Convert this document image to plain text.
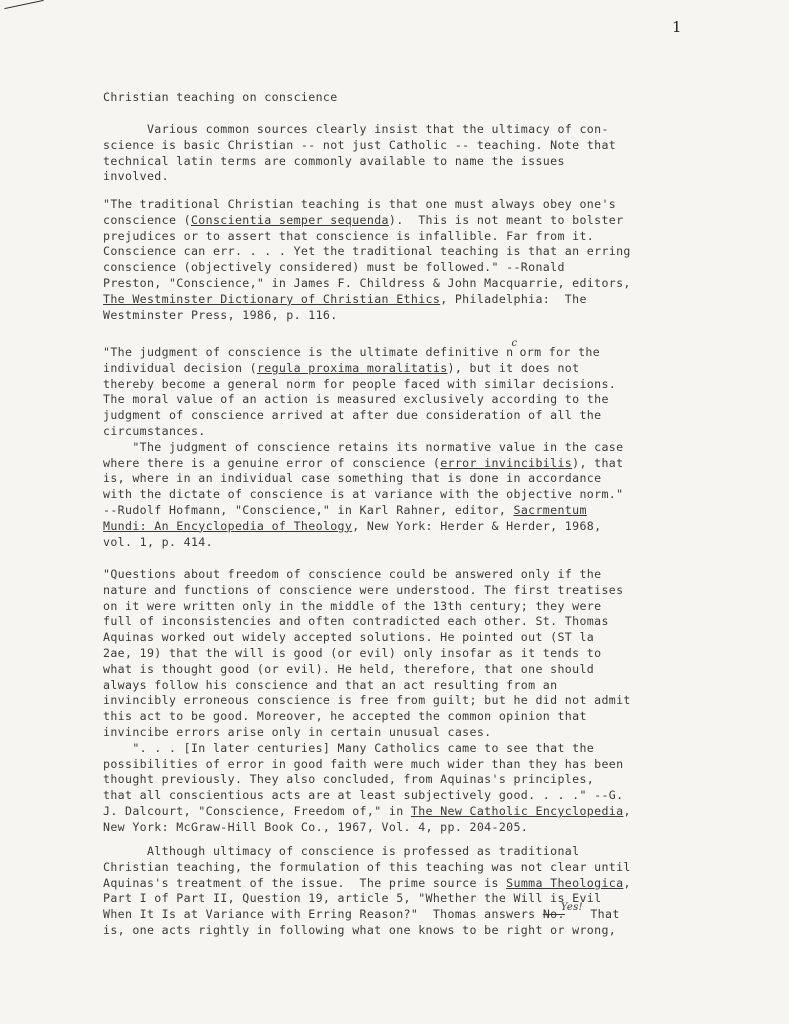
1
Christian teaching on conscience
Various common sources clearly insist that the ultimacy of con-
science is basic Christian -- not just Catholic -- teaching. Note that
technical latin terms are commonly available to name the issues
involved.
"The traditional Christian teaching is that one must always obey one's
conscience (Conscientia semper sequenda).  This is not meant to bolster
prejudices or to assert that conscience is infallible. Far from it.
Conscience can err. . . . Yet the traditional teaching is that an erring
conscience (objectively considered) must be followed." --Ronald
Preston, "Conscience," in James F. Childress & John Macquarrie, editors,
The Westminster Dictionary of Christian Ethics, Philadelphia:  The
Westminster Press, 1986, p. 116.
"The judgment of conscience is the ultimate definitive ncorm for the
individual decision (regula proxima moralitatis), but it does not
thereby become a general norm for people faced with similar decisions.
The moral value of an action is measured exclusively according to the
judgment of conscience arrived at after due consideration of all the
circumstances.
"The judgment of conscience retains its normative value in the case
where there is a genuine error of conscience (error invincibilis), that
is, where in an individual case something that is done in accordance
with the dictate of conscience is at variance with the objective norm."
--Rudolf Hofmann, "Conscience," in Karl Rahner, editor, Sacrmentum
Mundi: An Encyclopedia of Theology, New York: Herder & Herder, 1968,
vol. 1, p. 414.
"Questions about freedom of conscience could be answered only if the
nature and functions of conscience were understood. The first treatises
on it were written only in the middle of the 13th century; they were
full of inconsistencies and often contradicted each other. St. Thomas
Aquinas worked out widely accepted solutions. He pointed out (ST la
2ae, 19) that the will is good (or evil) only insofar as it tends to
what is thought good (or evil). He held, therefore, that one should
always follow his conscience and that an act resulting from an
invincibly erroneous conscience is free from guilt; but he did not admit
this act to be good. Moreover, he accepted the common opinion that
invincibe errors arise only in certain unusual cases.
". . . [In later centuries] Many Catholics came to see that the
possibilities of error in good faith were much wider than they has been
thought previously. They also concluded, from Aquinas's principles,
that all conscientious acts are at least subjectively good. . . ." --G.
J. Dalcourt, "Conscience, Freedom of," in The New Catholic Encyclopedia,
New York: McGraw-Hill Book Co., 1967, Vol. 4, pp. 204-205.
Although ultimacy of conscience is professed as traditional
Christian teaching, the formulation of this teaching was not clear until
Aquinas's treatment of the issue.  The prime source is Summa Theologica,
Part I of Part II, Question 19, article 5, "Whether the Will is Evil
When It Is at Variance with Erring Reason?"  Thomas answers No.Yes! That
is, one acts rightly in following what one knows to be right or wrong,
